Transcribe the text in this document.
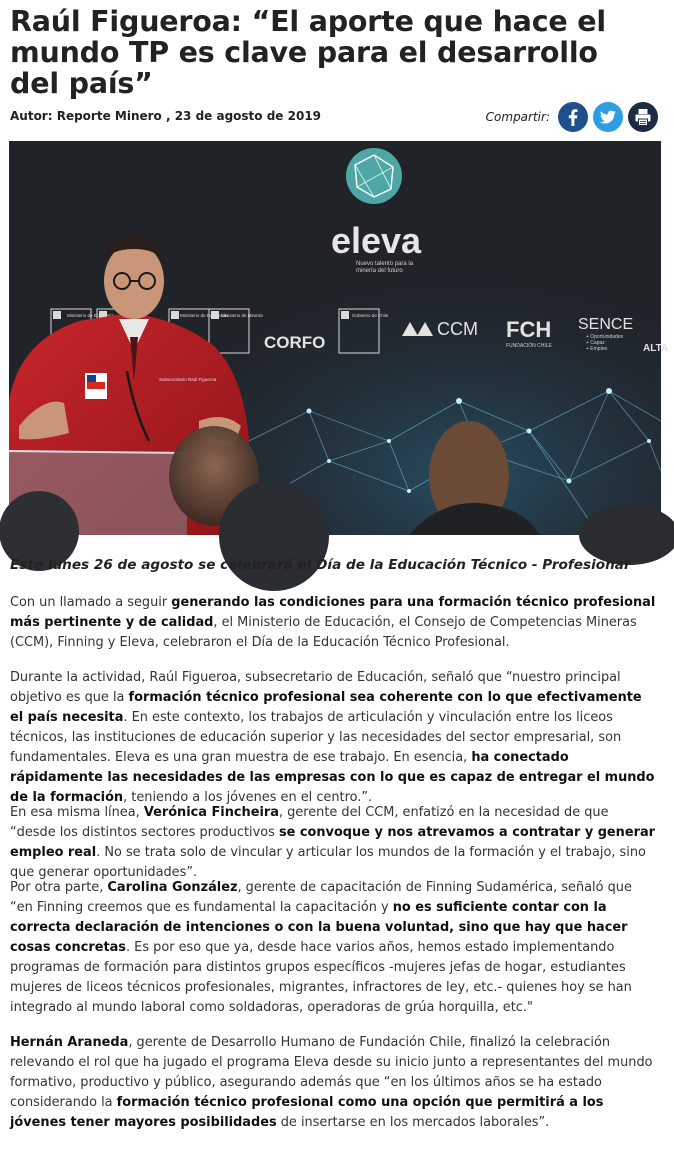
Raúl Figueroa: “El aporte que hace el mundo TP es clave para el desarrollo del país”
Autor: Reporte Minero , 23 de agosto de 2019	Compartir:
eleva
Nuevo talento para la
minería del futuro
Ministerio de Economía	Ministerio de Educación
Ministerio de Minería	Gobierno de Chile
CORFO
CCM FCH
FUNDACIÓN CHILE
SENCE
+ Oportunidades
+ Capaz
+ Empleo	ALTA
Subsecretario Raúl Figueroa
Este lunes 26 de agosto se celebrará el Día de la Educación Técnico - Profesional

Con un llamado a seguir generando las condiciones para una formación técnico profesional más pertinente y de calidad, el Ministerio de Educación, el Consejo de Competencias Mineras (CCM), Finning y Eleva, celebraron el Día de la Educación Técnico Profesional.

Durante la actividad, Raúl Figueroa, subsecretario de Educación, señaló que “nuestro principal objetivo es que la formación técnico profesional sea coherente con lo que efectivamente el país necesita. En este contexto, los trabajos de articulación y vinculación entre los liceos técnicos, las instituciones de educación superior y las necesidades del sector empresarial, son fundamentales. Eleva es una gran muestra de ese trabajo. En esencia, ha conectado rápidamente las necesidades de las empresas con lo que es capaz de entregar el mundo de la formación, teniendo a los jóvenes en el centro.”.

En esa misma línea, Verónica Fincheira, gerente del CCM, enfatizó en la necesidad de que “desde los distintos sectores productivos se convoque y nos atrevamos a contratar y generar empleo real. No se trata solo de vincular y articular los mundos de la formación y el trabajo, sino que generar oportunidades”.

Por otra parte, Carolina González, gerente de capacitación de Finning Sudamérica, señaló que “en Finning creemos que es fundamental la capacitación y no es suficiente contar con la correcta declaración de intenciones o con la buena voluntad, sino que hay que hacer cosas concretas. Es por eso que ya, desde hace varios años, hemos estado implementando programas de formación para distintos grupos específicos -mujeres jefas de hogar, estudiantes mujeres de liceos técnicos profesionales, migrantes, infractores de ley, etc.- quienes hoy se han integrado al mundo laboral como soldadoras, operadoras de grúa horquilla, etc."

Hernán Araneda, gerente de Desarrollo Humano de Fundación Chile, finalizó la celebración relevando el rol que ha jugado el programa Eleva desde su inicio junto a representantes del mundo formativo, productivo y público, asegurando además que “en los últimos años se ha estado considerando la formación técnico profesional como una opción que permitirá a los jóvenes tener mayores posibilidades de insertarse en los mercados laborales”.
